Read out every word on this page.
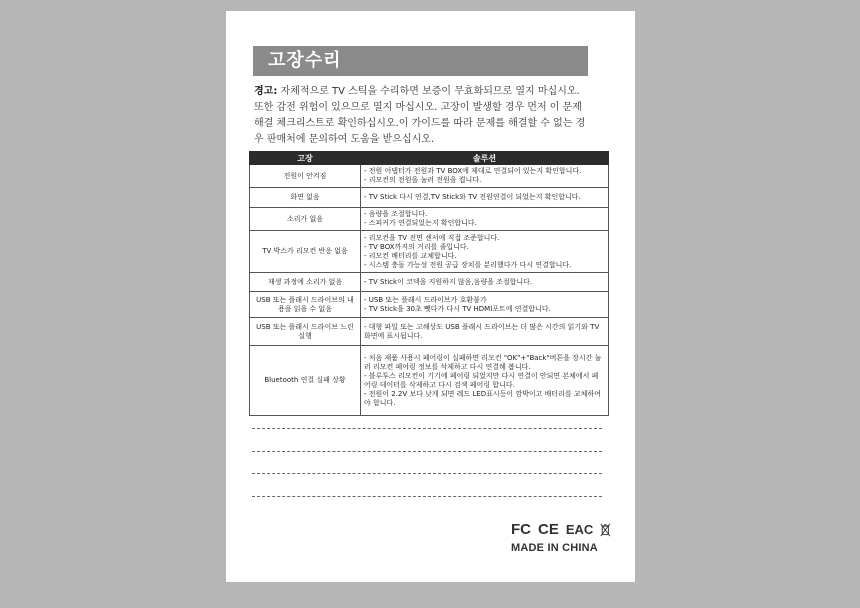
고장수리
경고: 자체적으로 TV 스틱을 수리하면 보증이 무효화되므로 열지 마십시오.또한 감전 위험이 있으므로 열지 마십시오. 고장이 발생할 경우 먼저 이 문제 해결 체크리스트로 확인하십시오.이 가이드를 따라 문제를 해결할 수 없는 경우 판매처에 문의하여 도움을 받으십시오.
고장	솔루션
전원이 안켜짐	- 전원 어댑터가 전원과 TV BOX에 제대로 연결되어 있는지 확인합니다.

- 리모컨의 전원을 눌러 전원을 켭니다.

화면 없음	- TV Stick 다시 연결,TV Stick와 TV 전원연결이 되었는지 확인합니다.

소리가 없음	- 음량을 조절합니다.

- 스피커가 연결되었는지 확인합니다.

TV 박스가 리모컨 반응 없음	- 리모컨을 TV 전면 센서에 직접 조준합니다.

- TV BOX까지의 거리를 줄입니다.

- 리모컨 배터리를 교체합니다.

- 시스템 충돌 가능성 전원 공급 장치를 분리했다가 다시 연결합니다.

재생 과정에 소리가 없음	- TV Stick이 코덱을 지원하지 않음,음량을 조절합니다.

USB 또는 플래시 드라이브의 내용을 읽을 수 없음	- USB 또는 플래시 드라이브가 호환불가

- TV Stick을 30초 뺏다가 다시 TV HDMI포트에 연결합니다.

USB 또는 플래시 드라이브 느린 실행	- 대형 파일 또는 고해상도 USB 플래시 드라이브는 더 많은 시간의 읽기와 TV 화면에 표시됩니다.

Bluetooth 연결 실패 상황	- 처음 제품 사용시 페어링이 실패하면 리모컨 "OK"+"Back"버튼을 장시간 눌러 리모컨 페어링 정보를 삭제하고 다시 연결해 봅니다.

- 블루투스 리모컨이 기기에 페어링 되었지만 다시 연결이 안되면 본체에서 페어링 데이터를 삭제하고 다시 검색 페어링 합니다.

- 전원이 2.2V 보다 낮게 되면 레드 LED표시등이 깜박이고 배터리를 교체하여야 합니다.

FC CE EAC
MADE IN CHINA
